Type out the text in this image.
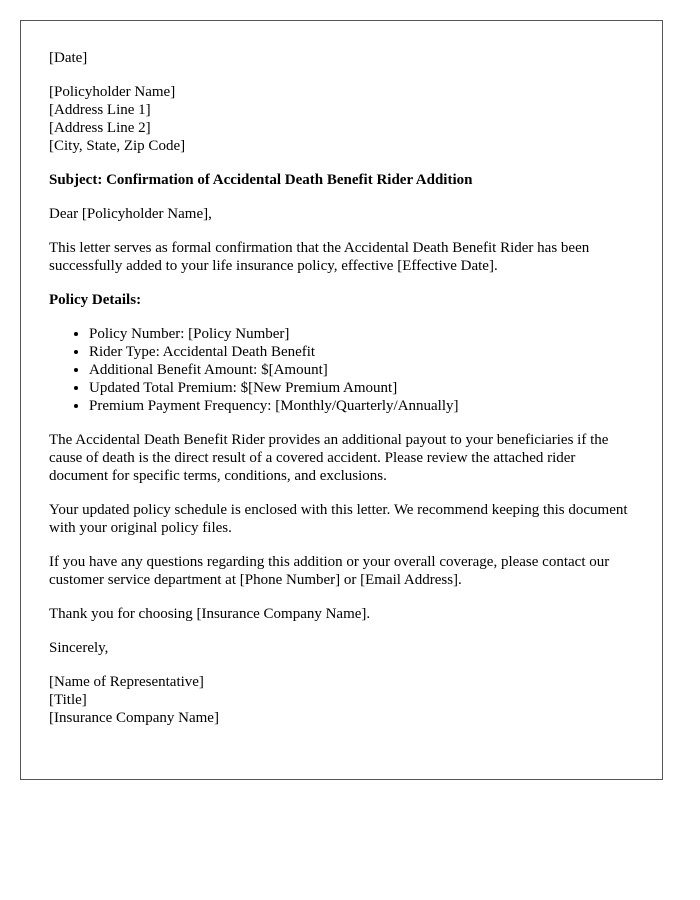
[Date]

[Policyholder Name]
[Address Line 1]
[Address Line 2]
[City, State, Zip Code]

Subject: Confirmation of Accidental Death Benefit Rider Addition

Dear [Policyholder Name],

This letter serves as formal confirmation that the Accidental Death Benefit Rider has been successfully added to your life insurance policy, effective [Effective Date].

Policy Details:

• Policy Number: [Policy Number]
• Rider Type: Accidental Death Benefit
• Additional Benefit Amount: $[Amount]
• Updated Total Premium: $[New Premium Amount]
• Premium Payment Frequency: [Monthly/Quarterly/Annually]

The Accidental Death Benefit Rider provides an additional payout to your beneficiaries if the cause of death is the direct result of a covered accident. Please review the attached rider document for specific terms, conditions, and exclusions.

Your updated policy schedule is enclosed with this letter. We recommend keeping this document with your original policy files.

If you have any questions regarding this addition or your overall coverage, please contact our customer service department at [Phone Number] or [Email Address].

Thank you for choosing [Insurance Company Name].

Sincerely,

[Name of Representative]
[Title]
[Insurance Company Name]
